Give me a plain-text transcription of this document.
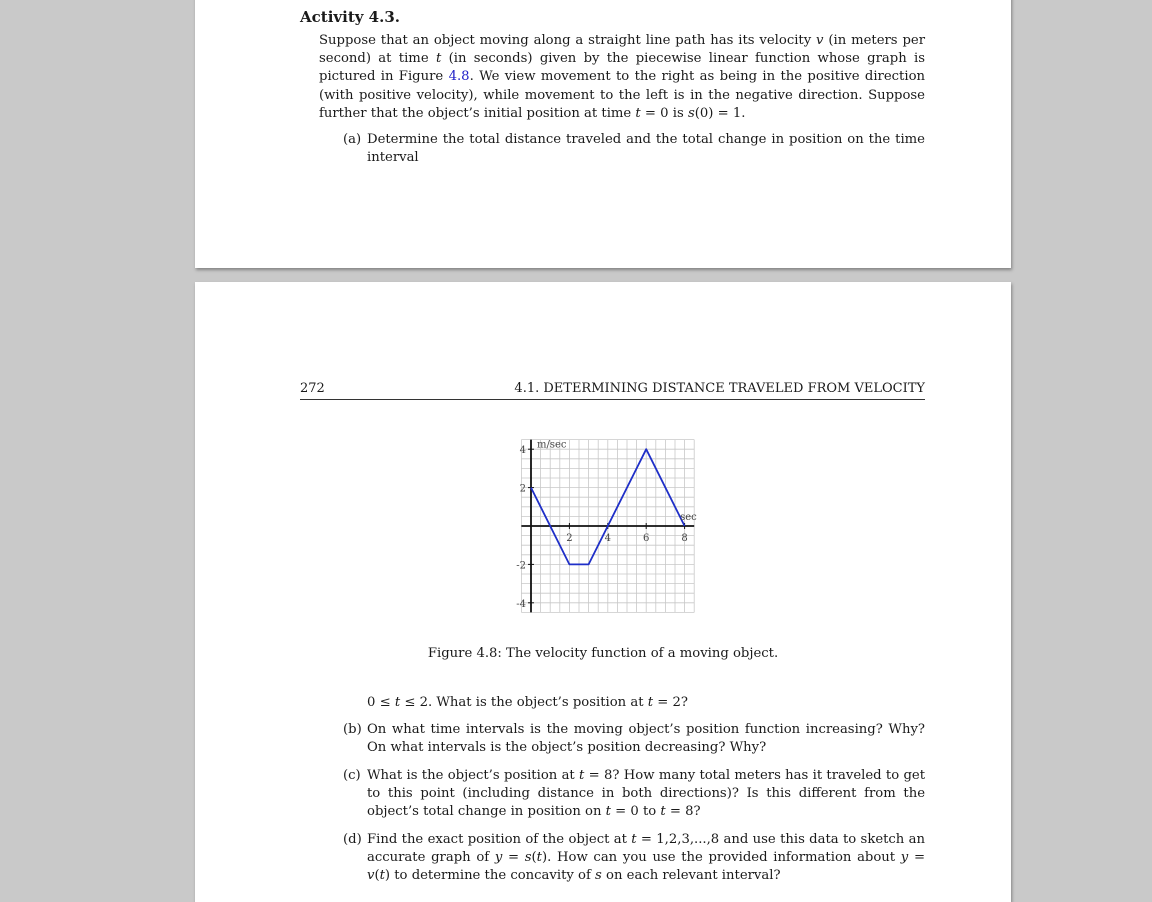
Activity 4.3.
Suppose that an object moving along a straight line path has its velocity v (in meters per second) at time t (in seconds) given by the piecewise linear function whose graph is pictured in Figure 4.8. We view movement to the right as being in the positive direction (with positive velocity), while movement to the left is in the negative direction. Suppose further that the object’s initial position at time t = 0 is s(0) = 1.
(a) Determine the total distance traveled and the total change in position on the time interval
272	4.1. DETERMINING DISTANCE TRAVELED FROM VELOCITY
2	4	6	8
4
2
-2
-4
m/sec
sec
Figure 4.8: The velocity function of a moving object.
0 ≤ t ≤ 2. What is the object’s position at t = 2?
(b) On what time intervals is the moving object’s position function increasing? Why? On what intervals is the object’s position decreasing? Why?
(c) What is the object’s position at t = 8? How many total meters has it traveled to get to this point (including distance in both directions)? Is this different from the object’s total change in position on t = 0 to t = 8?
(d) Find the exact position of the object at t = 1,2,3,...,8 and use this data to sketch an accurate graph of y = s(t). How can you use the provided information about y = v(t) to determine the concavity of s on each relevant interval?
